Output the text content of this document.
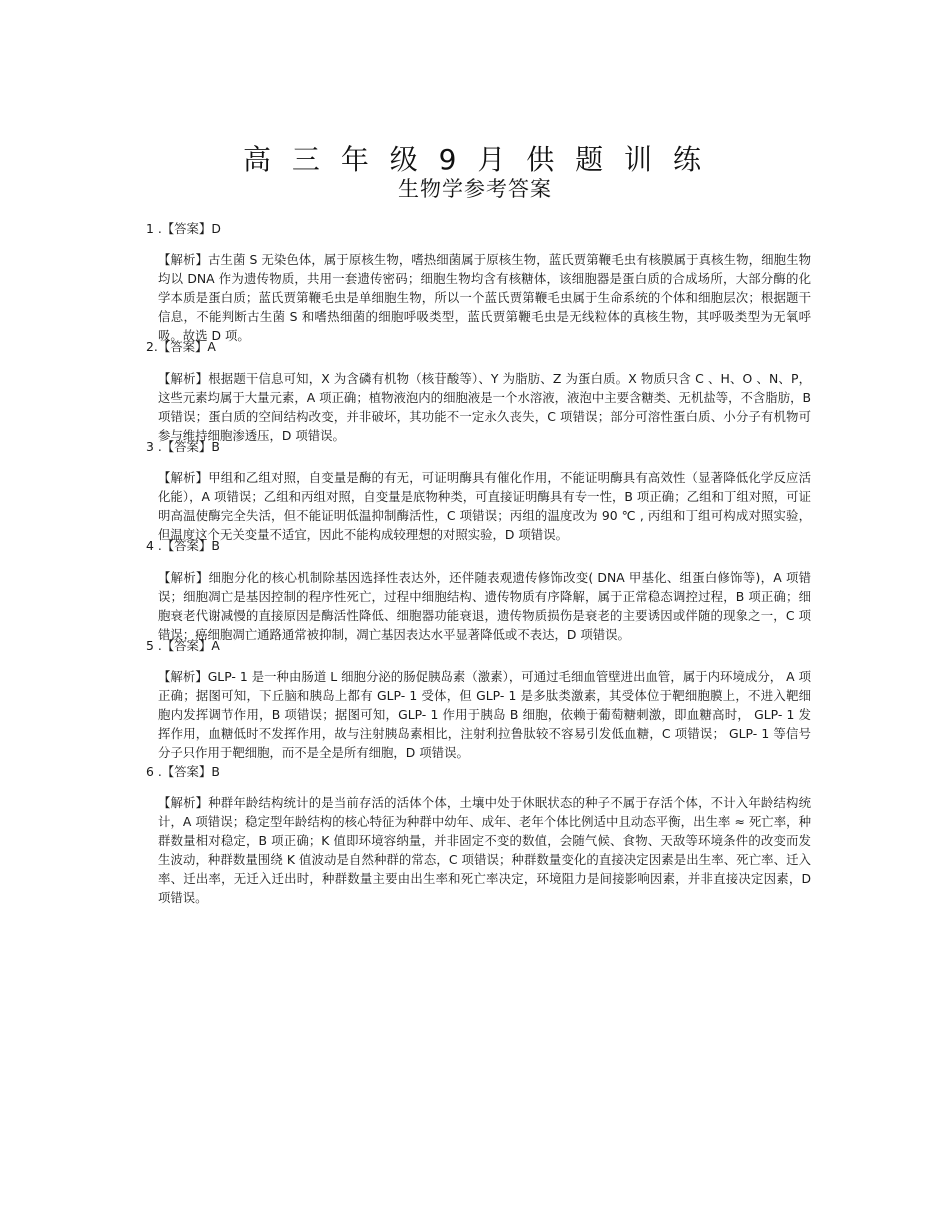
高 三 年 级 9 月 供 题 训 练
生物学参考答案
1 .【答案】D

【解析】古生菌 S 无染色体，属于原核生物，嗜热细菌属于原核生物，蓝氏贾第鞭毛虫有核膜属于真核生物，细胞生物均以 DNA 作为遗传物质，共用一套遗传密码；细胞生物均含有核糖体，该细胞器是蛋白质的合成场所，大部分酶的化学本质是蛋白质；蓝氏贾第鞭毛虫是单细胞生物，所以一个蓝氏贾第鞭毛虫属于生命系统的个体和细胞层次；根据题干信息，不能判断古生菌 S 和嗜热细菌的细胞呼吸类型，蓝氏贾第鞭毛虫是无线粒体的真核生物，其呼吸类型为无氧呼吸。故选 D 项。

2.【答案】A

【解析】根据题干信息可知，X 为含磷有机物（核苷酸等）、Y 为脂肪、Z 为蛋白质。X 物质只含 C 、H、O 、N、P，这些元素均属于大量元素，A 项正确；植物液泡内的细胞液是一个水溶液，液泡中主要含糖类、无机盐等，不含脂肪，B 项错误；蛋白质的空间结构改变，并非破坏，其功能不一定永久丧失，C 项错误；部分可溶性蛋白质、小分子有机物可参与维持细胞渗透压，D 项错误。

3 .【答案】B

【解析】甲组和乙组对照，自变量是酶的有无，可证明酶具有催化作用，不能证明酶具有高效性（显著降低化学反应活化能），A 项错误；乙组和丙组对照，自变量是底物种类，可直接证明酶具有专一性，B 项正确；乙组和丁组对照，可证明高温使酶完全失活，但不能证明低温抑制酶活性，C 项错误；丙组的温度改为 90 ℃ , 丙组和丁组可构成对照实验，但温度这个无关变量不适宜，因此不能构成较理想的对照实验，D 项错误。

4 .【答案】B

【解析】细胞分化的核心机制除基因选择性表达外，还伴随表观遗传修饰改变( DNA 甲基化、组蛋白修饰等)，A 项错误；细胞凋亡是基因控制的程序性死亡，过程中细胞结构、遗传物质有序降解，属于正常稳态调控过程，B 项正确；细胞衰老代谢减慢的直接原因是酶活性降低、细胞器功能衰退，遗传物质损伤是衰老的主要诱因或伴随的现象之一，C 项错误；癌细胞凋亡通路通常被抑制，凋亡基因表达水平显著降低或不表达，D 项错误。

5 .【答案】A

【解析】GLP- 1 是一种由肠道 L 细胞分泌的肠促胰岛素（激素），可通过毛细血管壁进出血管，属于内环境成分， A 项正确；据图可知，下丘脑和胰岛上都有 GLP- 1 受体，但 GLP- 1 是多肽类激素，其受体位于靶细胞膜上，不进入靶细胞内发挥调节作用，B 项错误；据图可知，GLP- 1 作用于胰岛 B 细胞，依赖于葡萄糖刺激，即血糖高时， GLP- 1 发挥作用，血糖低时不发挥作用，故与注射胰岛素相比，注射利拉鲁肽较不容易引发低血糖，C 项错误； GLP- 1 等信号分子只作用于靶细胞，而不是全是所有细胞，D 项错误。

6 .【答案】B

【解析】种群年龄结构统计的是当前存活的活体个体，土壤中处于休眠状态的种子不属于存活个体，不计入年龄结构统计，A 项错误；稳定型年龄结构的核心特征为种群中幼年、成年、老年个体比例适中且动态平衡，出生率 ≈ 死亡率，种群数量相对稳定，B 项正确；K 值即环境容纳量，并非固定不变的数值，会随气候、食物、天敌等环境条件的改变而发生波动，种群数量围绕 K 值波动是自然种群的常态，C 项错误；种群数量变化的直接决定因素是出生率、死亡率、迁入率、迁出率，无迁入迁出时，种群数量主要由出生率和死亡率决定，环境阻力是间接影响因素，并非直接决定因素，D 项错误。
